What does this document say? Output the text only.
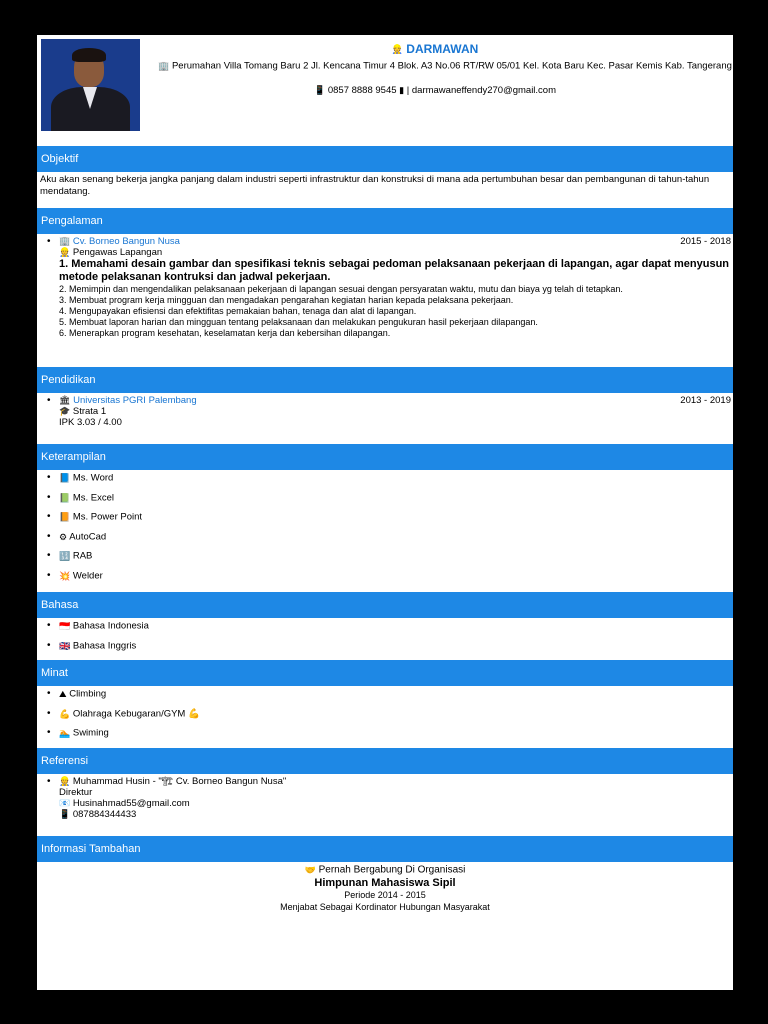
👷 DARMAWAN
🏢 Perumahan Villa Tomang Baru 2 Jl. Kencana Timur 4 Blok. A3 No.06 RT/RW 05/01 Kel. Kota Baru Kec. Pasar Kemis Kab. Tangerang
📱 0857 8888 9545 ▮ | darmawaneffendy270@gmail.com
Objektif
Aku akan senang bekerja jangka panjang dalam industri seperti infrastruktur dan konstruksi di mana ada pertumbuhan besar dan pembangunan di tahun-tahun mendatang.
Pengalaman
• 🏢 Cv. Borneo Bangun Nusa	2015 - 2018
👷 Pengawas Lapangan
1. Memahami desain gambar dan spesifikasi teknis sebagai pedoman pelaksanaan pekerjaan di lapangan, agar dapat menyusun metode pelaksanan kontruksi dan jadwal pekerjaan.
2. Memimpin dan mengendalikan pelaksanaan pekerjaan di lapangan sesuai dengan persyaratan waktu, mutu dan biaya yg telah di tetapkan.
3. Membuat program kerja mingguan dan mengadakan pengarahan kegiatan harian kepada pelaksana pekerjaan.
4. Mengupayakan efisiensi dan efektifitas pemakaian bahan, tenaga dan alat di lapangan.
5. Membuat laporan harian dan mingguan tentang pelaksanaan dan melakukan pengukuran hasil pekerjaan dilapangan.
6. Menerapkan program kesehatan, keselamatan kerja dan kebersihan dilapangan.
Pendidikan
• 🏛 Universitas PGRI Palembang	2013 - 2019
🎓 Strata 1
IPK 3.03 / 4.00
Keterampilan
• 📘 Ms. Word
• 📗 Ms. Excel
• 📙 Ms. Power Point
• ⚙ AutoCad
• 🔢 RAB
• 💥 Welder
Bahasa
• 🇮🇩 Bahasa Indonesia
• 🇬🇧 Bahasa Inggris
Minat
• ⛰ Climbing
• 💪 Olahraga Kebugaran/GYM 💪
• 🏊 Swiming
Referensi
• 👷 Muhammad Husin - "🏗 Cv. Borneo Bangun Nusa"
Direktur
📧 Husinahmad55@gmail.com
📱 087884344433
Informasi Tambahan
🤝 Pernah Bergabung Di Organisasi
Himpunan Mahasiswa Sipil
Periode 2014 - 2015
Menjabat Sebagai Kordinator Hubungan Masyarakat
